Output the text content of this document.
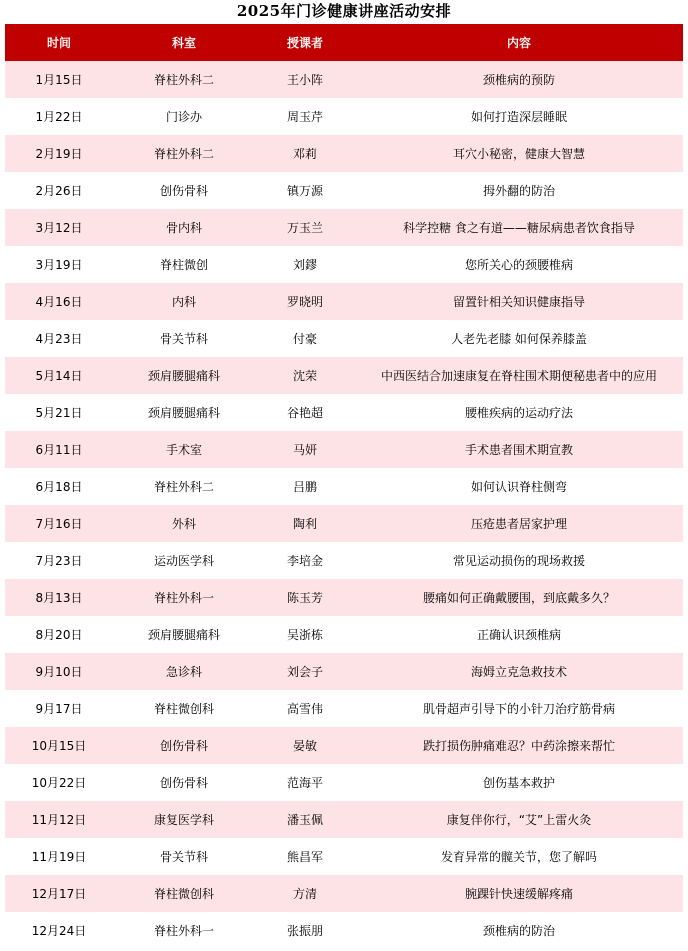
2025年门诊健康讲座活动安排
时间	科室	授课者	内容
1月15日	脊柱外科二	王小阵	颈椎病的预防
1月22日	门诊办	周玉芹	如何打造深层睡眠
2月19日	脊柱外科二	邓莉	耳穴小秘密，健康大智慧
2月26日	创伤骨科	镇万源	拇外翻的防治
3月12日	骨内科	万玉兰	科学控糖 食之有道——糖尿病患者饮食指导
3月19日	脊柱微创	刘鏐	您所关心的颈腰椎病
4月16日	内科	罗晓明	留置针相关知识健康指导
4月23日	骨关节科	付豪	人老先老膝 如何保养膝盖
5月14日	颈肩腰腿痛科	沈荣	中西医结合加速康复在脊柱围术期便秘患者中的应用
5月21日	颈肩腰腿痛科	谷艳超	腰椎疾病的运动疗法
6月11日	手术室	马妍	手术患者围术期宣教
6月18日	脊柱外科二	吕鹏	如何认识脊柱侧弯
7月16日	外科	陶利	压疮患者居家护理
7月23日	运动医学科	李培金	常见运动损伤的现场救援
8月13日	脊柱外科一	陈玉芳	腰痛如何正确戴腰围，到底戴多久？
8月20日	颈肩腰腿痛科	吴浙栋	正确认识颈椎病
9月10日	急诊科	刘会子	海姆立克急救技术
9月17日	脊柱微创科	高雪伟	肌骨超声引导下的小针刀治疗筋骨病
10月15日	创伤骨科	晏敏	跌打损伤肿痛难忍？中药涂擦来帮忙
10月22日	创伤骨科	范海平	创伤基本救护
11月12日	康复医学科	潘玉佩	康复伴你行，“艾”上雷火灸
11月19日	骨关节科	熊昌军	发育异常的髋关节，您了解吗
12月17日	脊柱微创科	方清	腕踝针快速缓解疼痛
12月24日	脊柱外科一	张振朋	颈椎病的防治
